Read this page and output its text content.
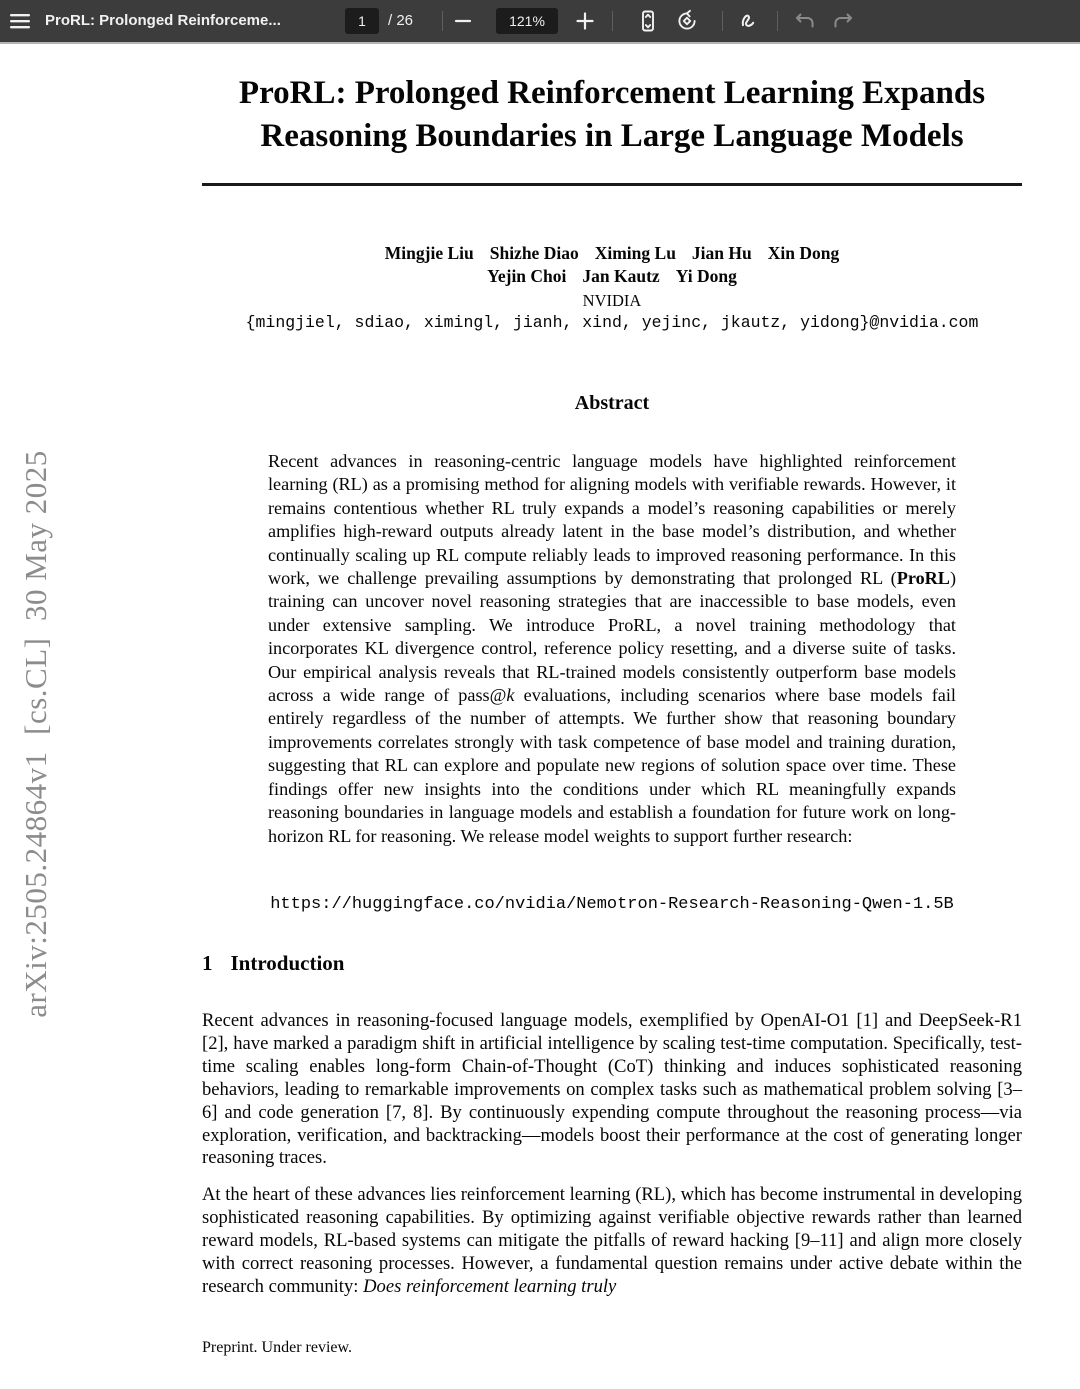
ProRL: Prolonged Reinforceme...	1	/ 26	121%
arXiv:2505.24864v1  [cs.CL]  30 May 2025
ProRL: Prolonged Reinforcement Learning Expands
Reasoning Boundaries in Large Language Models
Mingjie Liu Shizhe Diao Ximing Lu Jian Hu Xin Dong
Yejin Choi Jan Kautz Yi Dong
NVIDIA
{mingjiel, sdiao, ximingl, jianh, xind, yejinc, jkautz, yidong}@nvidia.com
Abstract
Recent advances in reasoning-centric language models have highlighted reinforcement learning (RL) as a promising method for aligning models with verifiable rewards. However, it remains contentious whether RL truly expands a model’s reasoning capabilities or merely amplifies high-reward outputs already latent in the base model’s distribution, and whether continually scaling up RL compute reliably leads to improved reasoning performance. In this work, we challenge prevailing assumptions by demonstrating that prolonged RL (ProRL) training can uncover novel reasoning strategies that are inaccessible to base models, even under extensive sampling. We introduce ProRL, a novel training methodology that incorporates KL divergence control, reference policy resetting, and a diverse suite of tasks. Our empirical analysis reveals that RL-trained models consistently outperform base models across a wide range of pass@k evaluations, including scenarios where base models fail entirely regardless of the number of attempts. We further show that reasoning boundary improvements correlates strongly with task competence of base model and training duration, suggesting that RL can explore and populate new regions of solution space over time. These findings offer new insights into the conditions under which RL meaningfully expands reasoning boundaries in language models and establish a foundation for future work on long-horizon RL for reasoning. We release model weights to support further research:
https://huggingface.co/nvidia/Nemotron-Research-Reasoning-Qwen-1.5B
1 Introduction

Recent advances in reasoning-focused language models, exemplified by OpenAI-O1 [1] and DeepSeek-R1 [2], have marked a paradigm shift in artificial intelligence by scaling test-time computation. Specifically, test-time scaling enables long-form Chain-of-Thought (CoT) thinking and induces sophisticated reasoning behaviors, leading to remarkable improvements on complex tasks such as mathematical problem solving [3–6] and code generation [7, 8]. By continuously expending compute throughout the reasoning process—via exploration, verification, and backtracking—models boost their performance at the cost of generating longer reasoning traces.

At the heart of these advances lies reinforcement learning (RL), which has become instrumental in developing sophisticated reasoning capabilities. By optimizing against verifiable objective rewards rather than learned reward models, RL-based systems can mitigate the pitfalls of reward hacking [9–11] and align more closely with correct reasoning processes. However, a fundamental question remains under active debate within the research community: Does reinforcement learning truly

Preprint. Under review.
